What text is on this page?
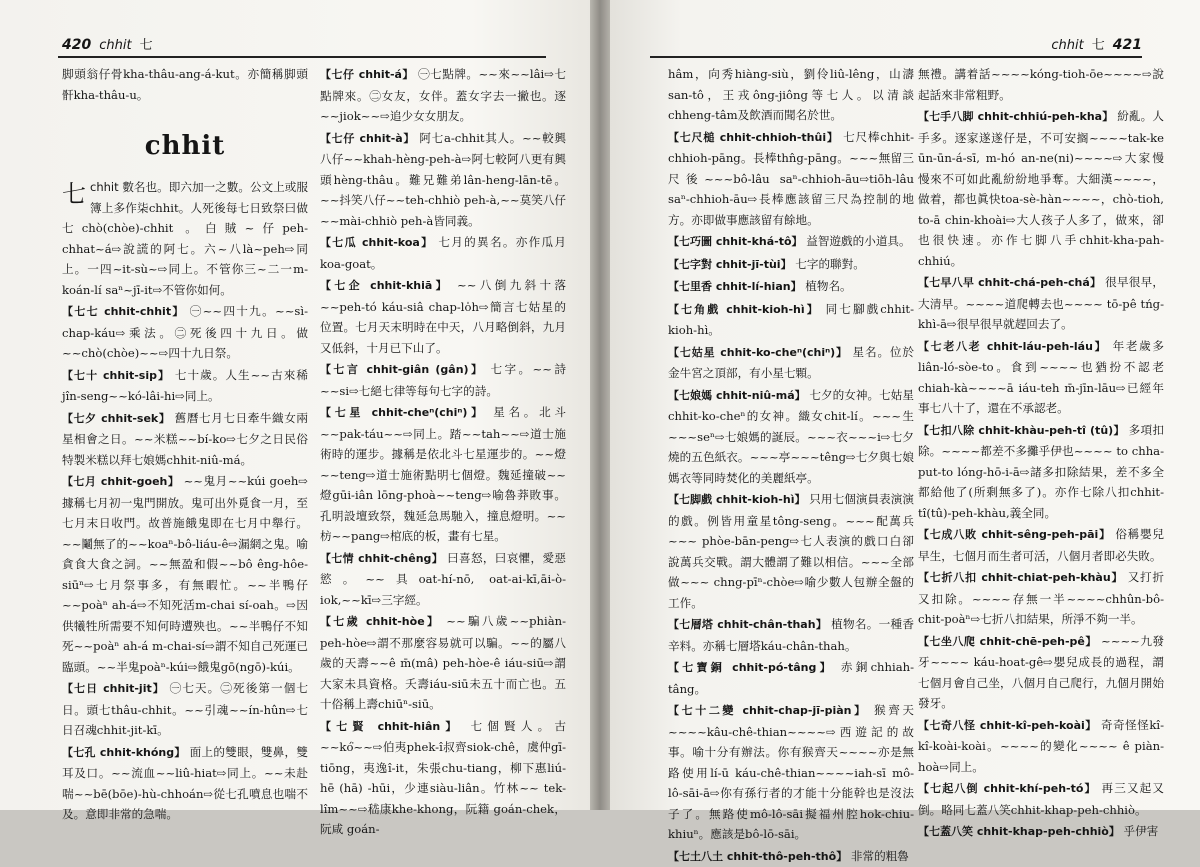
420 chhit 七

脚頭翁仔骨kha-thâu-ang-á-kut。亦簡稱脚頭骭kha-thâu-u。

chhit

chhit
七	數名也。即六加一之數。公文上或服簿上多作柒chhit。人死後每七日致祭曰做七chò(chòe)-chhit 。白賊~仔peh-chhat~á⇨說謊的阿七。六~八là~peh⇨同上。一四~it-sù~⇨同上。不管你三~二一m-koán-lí saⁿ~jī-it⇨不管你如何。

【七七 chhit-chhit】 ㊀~~四十九。~~sì-chap-káu⇨乘法。㊁死後四十九日。做~~chò(chòe)~~⇨四十九日祭。

【七十 chhit-sip】 七十歲。人生~~古來稀jîn-seng~~kó-lâi-hi⇨同上。

【七夕 chhit-sek】 舊曆七月七日牽牛織女兩星相會之日。~~米糕~~bí-ko⇨七夕之日民俗特製米糕以拜七娘媽chhit-niû-má。

【七月 chhit-goeh】 ~~鬼月~~kúi goeh⇨據稱七月初一鬼門開放。鬼可出外覓食一月，至七月末日收門。故普施餓鬼即在七月中舉行。~~鬮無了的~~koaⁿ-bô-liáu-ê⇨漏網之鬼。喻貪食大食之詞。~~無盈和假~~bô êng-hôe-siūⁿ⇨七月祭事多，有無暇忙。~~半鴨仔~~poàⁿ ah-á⇨不知死活m-chai sí-oah。⇨因供犧牲所需要不知何時遭殃也。~~半鴨仔不知死~~poàⁿ ah-á m-chai-sí⇨謂不知自己死運已臨頭。~~半鬼poàⁿ-kúi⇨餓鬼gō(ngō)-kúi。

【七日 chhit-jit】 ㊀七天。㊁死後第一個七日。頭七thâu-chhit。~~引魂~~ín-hûn⇨七日召魂chhit-jit-kī。

【七孔 chhit-khóng】 面上的雙眼，雙鼻，雙耳及口。~~流血~~liû-hiat⇨同上。~~未赴喘~~bē(bōe)-hù-chhoán⇨從七孔噴息也喘不及。意即非常的急喘。

【七仔 chhit-á】 ㊀七點牌。~~來~~lâi⇨七點牌來。㊁女友，女伴。蓋女字去一撇也。逐~~jiok~~⇨追少女女朋友。

【七仔 chhit-à】 阿七a-chhit其人。~~較興八仔~~khah-hèng-peh-à⇨阿七較阿八更有興頭hèng-thâu。難兄難弟lân-heng-lān-tē。~~抖笑八仔~~teh-chhiò peh-à,~~莫笑八仔~~mài-chhiò peh-à皆同義。

【七瓜 chhit-koa】 七月的異名。亦作瓜月koa-goat。

【七企 chhit-khiā】 ~~八倒九斜十落~~peh-tó káu-siâ chap-lo̍h⇨簡言七姑星的位置。七月天末明時在中天，八月略倒斜，九月又低斜，十月已下山了。

【七言 chhit-giân (gân)】 七字。~~詩~~si⇨七絕七律等每句七字的詩。

【七星 chhit-cheⁿ(chiⁿ)】 星名。北斗~~pak-táu~~⇨同上。踏~~tah~~⇨道士施術時的運步。據稱是依北斗七星運步的。~~燈~~teng⇨道士施術點明七個燈。魏延撞破~~燈gūi-iân lōng-phoà~~teng⇨喻魯莽敗事。孔明設壇致祭，魏延急馬馳入，撞息燈明。~~枋~~pang⇨棺底的板，畫有七星。

【七情 chhit-chêng】 曰喜怒，曰哀懼，愛惡慾。~~具oat-hí-nō, oat-ai-kī,āi-ò-iok,~~kī⇨三字經。

【七歲 chhit-hòe】 ~~騙八歲~~phiàn-peh-hòe⇨謂不那麼容易就可以騙。~~的屬八歲的天壽~~ê m̄(mâ) peh-hòe-ê iáu-siū⇨謂大家未具資格。夭壽iáu-siū未五十而亡也。五十俗稱上壽chiūⁿ-siū。

【七賢 chhit-hiân】 七個賢人。古~~kó͘~~⇨伯夷phek-î叔齊siok-chê，虞仲gī-tiōng，夷逸î-it，朱張chu-tiang，柳下惠liú-hē (hā) -hūi，少連siàu-liân。竹林~~ tek-lîm~~⇨嵇康khe-khong，阮籍 goán-chek，阮咸 goán-

chhit 七 421

hâm，向秀hiàng-siù，劉伶liû-lêng，山濤san-tô，王戎ông-jiông等七人。以清談chheng-tâm及飲酒而聞名於世。

【七尺槌 chhit-chhioh-thûi】 七尺棒chhit-chhioh-pāng。長棒thn̂g-pāng。~~~無留三尺後~~~bô-lâu saⁿ-chhioh-āu⇨tiōh-lâu saⁿ-chhioh-āu⇨長棒應該留三尺為控制的地方。亦即做事應該留有餘地。

【七巧圖 chhit-khá-tô】 益智遊戲的小道具。

【七字對 chhit-jī-tùi】 七字的聯對。

【七里香 chhit-lí-hian】 植物名。

【七角戲 chhit-kioh-hì】 同七腳戲chhit-kioh-hì。

【七姑星 chhit-ko-cheⁿ(chiⁿ)】 星名。位於金牛宮之頂部，有小星七顆。

【七娘媽 chhit-niû-má】 七夕的女神。七姑星chhit-ko-cheⁿ的女神。織女chit-lí。~~~生~~~seⁿ⇨七娘媽的誕辰。~~~衣~~~i⇨七夕燒的五色紙衣。~~~亭~~~têng⇨七夕與七娘媽衣等同時焚化的美麗紙亭。

【七脚戲 chhit-kioh-hì】 只用七個演員表演演的戲。例皆用童星tông-seng。~~~配萬兵~~~ phòe-bān-peng⇨七人表演的戲口白卻說萬兵交戰。謂大體謂了難以相信。~~~全部做~~~ chng-pīⁿ-chòe⇨喻少數人包辦全盤的工作。

【七層塔 chhit-chân-thah】 植物名。一種香辛料。亦稱七層塔káu-chân-thah。

【七寶銅 chhit-pó-tâng】 赤銅chhiah-tâng。

【七十二變 chhit-chap-jī-piàn】 猴齊天~~~~kâu-chê-thian~~~~⇨西遊記的故事。喻十分有辦法。你有猴齊天~~~~亦是無路使用lí-ū káu-chê-thian~~~~iah-sī mô-lô-sāi-ā⇨你有孫行者的才能十分能幹也是沒法子了。無路使mô-lô-sāi擬福州腔hok-chiu-khiuⁿ。應該是bô-lō-sāi。

【七土八土 chhit-thô-peh-thô】 非常的粗魯

無禮。講着話~~~~kóng-tioh-ōe~~~~⇨說起話來非常粗野。

【七手八脚 chhit-chhiú-peh-kha】 紛亂。人手多。逐家遂遂仔是，不可安搁~~~~tak-ke ūn-ūn-á-sī, m-hó an-ne(ni)~~~~⇨大家慢慢來不可如此亂紛紛地爭奪。大細漢~~~~，做着，都也眞快toa-sè-hàn~~~~，chò-tioh, to-ā chin-khoài⇨大人孩子人多了，做來，卻也很快速。亦作七脚八手chhit-kha-pah-chhiú。

【七早八早 chhit-chá-peh-chá】 很早很早，大清早。~~~~道爬轉去也~~~~ tō-pê tńg-khì-ā⇨很早很早就趕回去了。

【七老八老 chhit-láu-peh-láu】 年老歲多liân-ló-sòe-to。食到~~~~也猶扮不認老chiah-kà~~~~ā iáu-teh m̄-jīn-lāu⇨已經年事七八十了，還在不承認老。

【七扣八除 chhit-khàu-peh-tî (tû)】 多項扣除。~~~~都差不多攤乎伊也~~~~ to chha-put-to lóng-hō-i-ā⇨諸多扣除結果，差不多全都給他了(所剩無多了)。亦作七除八扣chhit-tî(tû)-peh-khàu,義全同。

【七成八敗 chhit-sêng-peh-pāi】 俗稱嬰兒早生，七個月而生者可活，八個月者即必失敗。

【七折八扣 chhit-chiat-peh-khàu】 又打折又扣除。~~~~存無一半~~~~chhûn-bô-chit-poàⁿ⇨七折八扣結果，所淨不夠一半。

【七坐八爬 chhit-chē-peh-pê】 ~~~~九發牙~~~~ káu-hoat-gê⇨嬰兒成長的過程，謂七個月會自己坐，八個月自己爬行，九個月開始發牙。

【七奇八怪 chhit-kî-peh-koài】 奇奇怪怪kî-kî-koài-koài。~~~~的變化~~~~ ê piàn-hoà⇨同上。

【七起八倒 chhit-khí-peh-tó】 再三又起又倒。略同七蓋八笑chhit-khap-peh-chhiò。

【七蓋八笑 chhit-khap-peh-chhiò】 乎伊害
